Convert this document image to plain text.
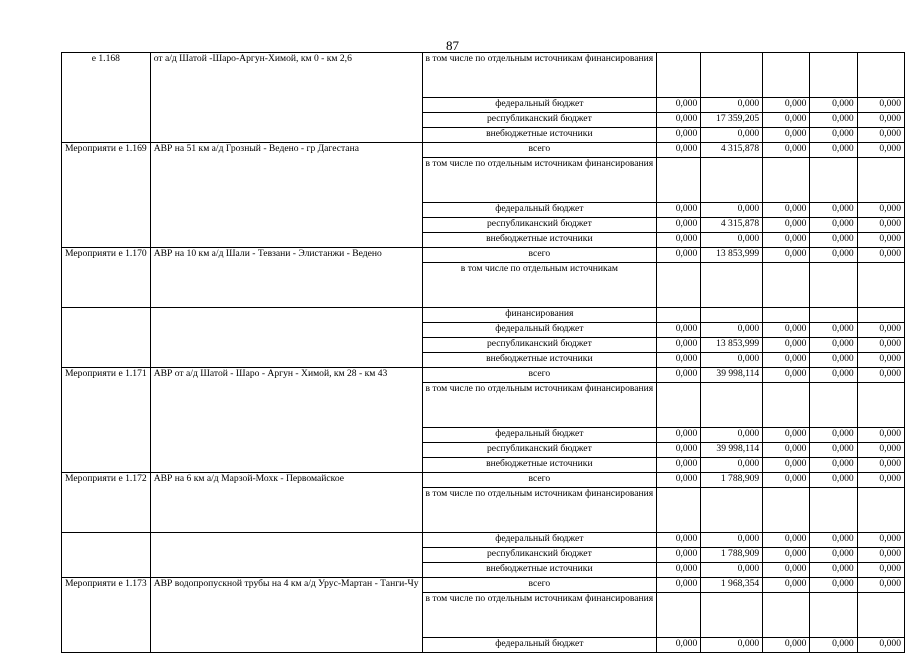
87
е 1.168	от а/д Шатой -Шаро-Аргун-Химой, км 0 - км 2,6	в том числе по отдельным источникам финансирования					
		федеральный бюджет	0,000	0,000	0,000	0,000	0,000
		республиканский бюджет	0,000	17 359,205	0,000	0,000	0,000
		внебюджетные источники	0,000	0,000	0,000	0,000	0,000
Мероприяти е 1.169	АВР на 51 км а/д Грозный - Ведено - гр Дагестана	всего	0,000	4 315,878	0,000	0,000	0,000
		в том числе по отдельным источникам финансирования					
		федеральный бюджет	0,000	0,000	0,000	0,000	0,000
		республиканский бюджет	0,000	4 315,878	0,000	0,000	0,000
		внебюджетные источники	0,000	0,000	0,000	0,000	0,000
Мероприяти е 1.170	АВР на 10 км а/д Шали - Тевзани - Элистанжи - Ведено	всего	0,000	13 853,999	0,000	0,000	0,000
		в том числе по отдельным источникам					
		финансирования					
		федеральный бюджет	0,000	0,000	0,000	0,000	0,000
		республиканский бюджет	0,000	13 853,999	0,000	0,000	0,000
		внебюджетные источники	0,000	0,000	0,000	0,000	0,000
Мероприяти е 1.171	АВР от а/д Шатой - Шаро - Аргун - Химой, км 28 - км 43	всего	0,000	39 998,114	0,000	0,000	0,000
		в том числе по отдельным источникам финансирования					
		федеральный бюджет	0,000	0,000	0,000	0,000	0,000
		республиканский бюджет	0,000	39 998,114	0,000	0,000	0,000
		внебюджетные источники	0,000	0,000	0,000	0,000	0,000
Мероприяти е 1.172	АВР на 6 км а/д Марзой-Мохк - Первомайское	всего	0,000	1 788,909	0,000	0,000	0,000
		в том числе по отдельным источникам финансирования					
		федеральный бюджет	0,000	0,000	0,000	0,000	0,000
		республиканский бюджет	0,000	1 788,909	0,000	0,000	0,000
		внебюджетные источники	0,000	0,000	0,000	0,000	0,000
Мероприяти е 1.173	АВР водопропускной трубы на 4 км а/д Урус-Мартан - Танги-Чу	всего	0,000	1 968,354	0,000	0,000	0,000
		в том числе по отдельным источникам финансирования					
		федеральный бюджет	0,000	0,000	0,000	0,000	0,000
